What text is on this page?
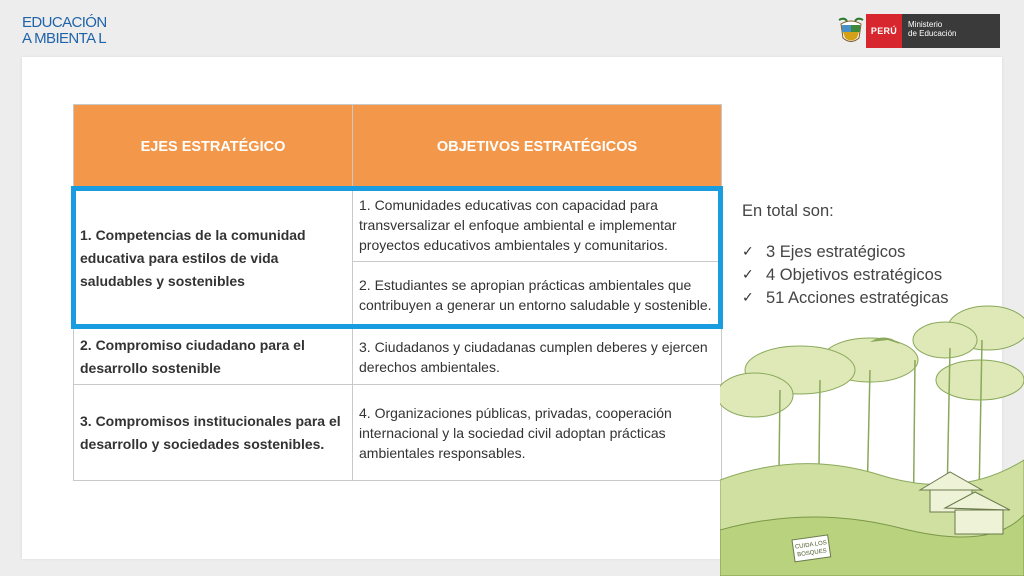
EDUCACIÓN
A MBIENTA L	PERÚ
Ministerio
de Educación
EJES ESTRATÉGICO	OBJETIVOS ESTRATÉGICOS
1. Competencias de la comunidad educativa para estilos de vida saludables y sostenibles	1. Comunidades educativas con capacidad para transversalizar el enfoque ambiental e implementar proyectos educativos ambientales y comunitarios.
	2. Estudiantes se apropian prácticas ambientales que contribuyen a generar un entorno saludable y sostenible.
2. Compromiso ciudadano para el desarrollo sostenible	3. Ciudadanos y ciudadanas cumplen deberes y ejercen derechos ambientales.
3. Compromisos institucionales para el desarrollo y sociedades sostenibles.	4. Organizaciones públicas, privadas, cooperación internacional y la sociedad civil adoptan prácticas ambientales responsables.
En total son:
✓ 3 Ejes estratégicos
✓ 4 Objetivos estratégicos
✓ 51 Acciones estratégicas
CUIDA LOS
BOSQUES
